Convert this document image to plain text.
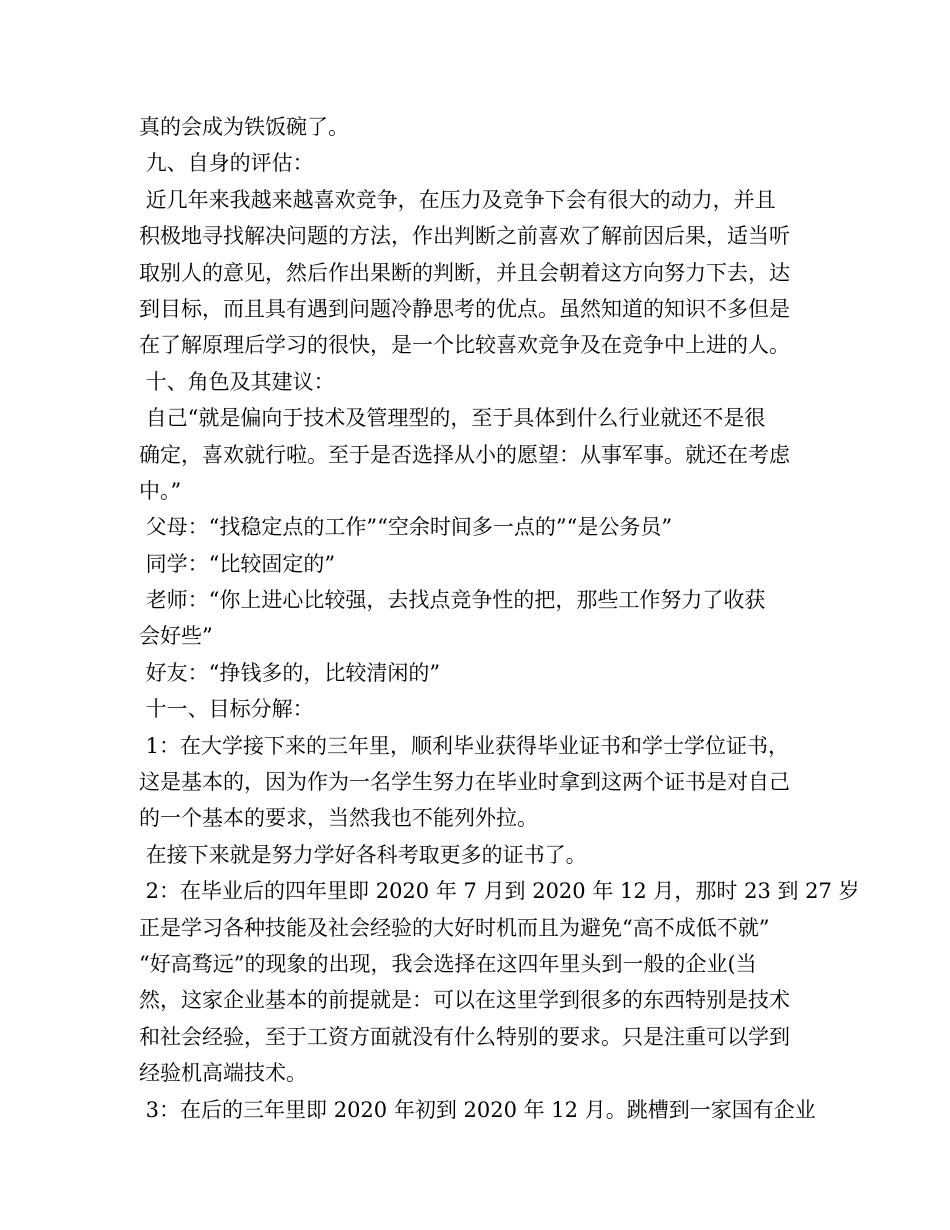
真的会成为铁饭碗了。
九、自身的评估：
近几年来我越来越喜欢竞争，在压力及竞争下会有很大的动力，并且
积极地寻找解决问题的方法，作出判断之前喜欢了解前因后果，适当听
取别人的意见，然后作出果断的判断，并且会朝着这方向努力下去，达
到目标，而且具有遇到问题冷静思考的优点。虽然知道的知识不多但是
在了解原理后学习的很快，是一个比较喜欢竞争及在竞争中上进的人。
十、角色及其建议：
自己“就是偏向于技术及管理型的，至于具体到什么行业就还不是很
确定，喜欢就行啦。至于是否选择从小的愿望：从事军事。就还在考虑
中。”
父母：“找稳定点的工作”“空余时间多一点的”“是公务员”
同学：“比较固定的”
老师：“你上进心比较强，去找点竞争性的把，那些工作努力了收获
会好些”
好友：“挣钱多的，比较清闲的”
十一、目标分解：
1：在大学接下来的三年里，顺利毕业获得毕业证书和学士学位证书，
这是基本的，因为作为一名学生努力在毕业时拿到这两个证书是对自己
的一个基本的要求，当然我也不能列外拉。
在接下来就是努力学好各科考取更多的证书了。
2：在毕业后的四年里即 2020 年 7 月到 2020 年 12 月，那时 23 到 27 岁
正是学习各种技能及社会经验的大好时机而且为避免“高不成低不就”
“好高骛远”的现象的出现，我会选择在这四年里头到一般的企业(当
然，这家企业基本的前提就是：可以在这里学到很多的东西特别是技术
和社会经验，至于工资方面就没有什么特别的要求。只是注重可以学到
经验机高端技术。
3：在后的三年里即 2020 年初到 2020 年 12 月。跳槽到一家国有企业
